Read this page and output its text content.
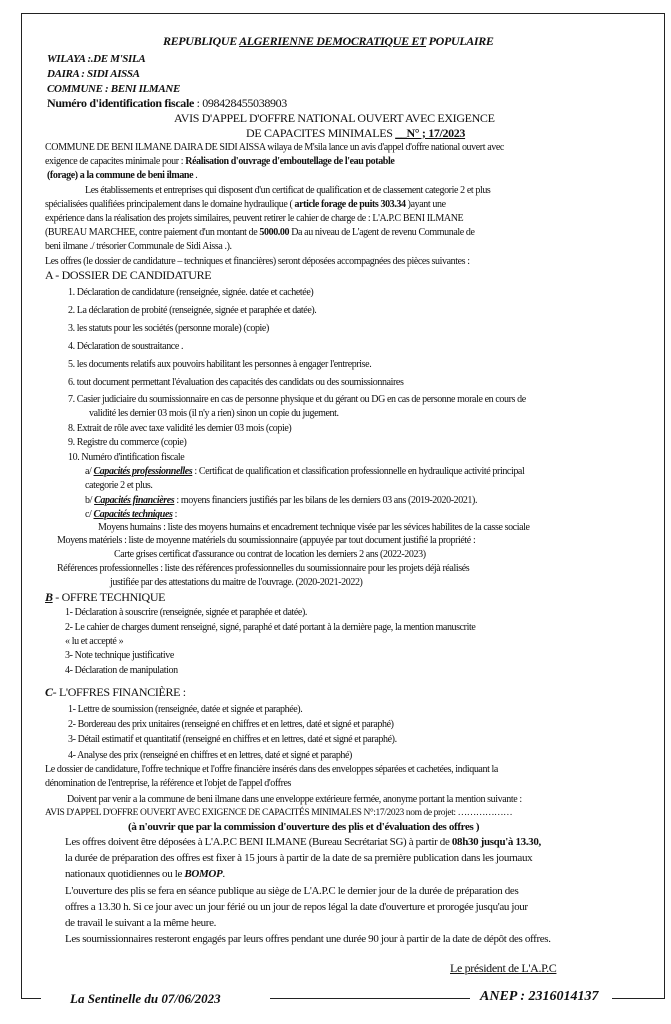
REPUBLIQUE ALGERIENNE DEMOCRATIQUE ET POPULAIRE
WILAYA :.DE M'SILA
DAIRA : SIDI AISSA
COMMUNE : BENI ILMANE
Numéro d'identification fiscale : 098428455038903
AVIS D'APPEL D'OFFRE NATIONAL OUVERT AVEC EXIGENCE
DE CAPACITES MINIMALES __N° ; 17/2023
COMMUNE DE BENI ILMANE DAIRA DE SIDI AISSA wilaya de M'sila lance un avis d'appel d'offre national ouvert avec
exigence de capacites minimale pour : Réalisation d'ouvrage d'emboutellage de l'eau potable
(forage) a la commune de beni ilmane .
Les établissements et entreprises qui disposent d'un certificat de qualification et de classement categorie 2 et plus
spécialisées qualifiées principalement dans le domaine hydraulique ( article forage de puits 303.34 )ayant une
expérience dans la réalisation des projets similaires, peuvent retirer le cahier de charge de : L'A.P.C BENI ILMANE
(BUREAU MARCHEE, contre paiement d'un montant de 5000.00 Da au niveau de L'agent de revenu Communale de
beni ilmane ./ trésorier Communale de Sidi Aissa .).
Les offres (le dossier de candidature – techniques et financières) seront déposées accompagnées des pièces suivantes :
A - DOSSIER DE CANDIDATURE
1. Déclaration de candidature (renseignée, signée. datée et cachetée)
2. La déclaration de probité (renseignée, signée et paraphée et datée).
3. les statuts pour les sociétés (personne morale) (copie)
4. Déclaration de soustraitance .
5. les documents relatifs aux pouvoirs habilitant les personnes à engager l'entreprise.
6. tout document permettant l'évaluation des capacités des candidats ou des soumissionnaires
7. Casier judiciaire du soumissionnaire en cas de personne physique et du gérant ou DG en cas de personne morale en cours de
validité les dernier 03 mois (il n'y a rien) sinon un copie du jugement.
8. Extrait de rôle avec taxe validité les dernier 03 mois (copie)
9. Registre du commerce (copie)
10. Numéro d'intification fiscale
a/ Capacités professionnelles : Certificat de qualification et classification professionnelle en hydraulique activité principal
categorie 2 et plus.
b/ Capacités financières : moyens financiers justifiés par les bilans de les derniers 03 ans (2019-2020-2021).
c/ Capacités techniques :
Moyens humains : liste des moyens humains et encadrement technique visée par les sévices habilites de la casse sociale
Moyens matériels : liste de moyenne matériels du soumissionnaire (appuyée par tout document justifié la propriété :
Carte grises certificat d'assurance ou contrat de location les derniers 2 ans (2022-2023)
Références professionnelles : liste des références professionnelles du soumissionnaire pour les projets déjà réalisés
justifiée par des attestations du maitre de l'ouvrage. (2020-2021-2022)
B - OFFRE TECHNIQUE
1- Déclaration à souscrire (renseignée, signée et paraphée et datée).
2- Le cahier de charges dument renseigné, signé, paraphé et daté portant à la dernière page, la mention manuscrite
« lu et accepté »
3- Note technique justificative
4- Déclaration de manipulation
C- L'OFFRES FINANCIÈRE :
1- Lettre de soumission (renseignée, datée et signée et paraphée).
2- Bordereau des prix unitaires (renseigné en chiffres et en lettres, daté et signé et paraphé)
3- Détail estimatif et quantitatif (renseigné en chiffres et en lettres, daté et signé et paraphé).
4- Analyse des prix (renseigné en chiffres et en lettres, daté et signé et paraphé)
Le dossier de candidature, l'offre technique et l'offre financière insérés dans des enveloppes séparées et cachetées, indiquant la
dénomination de l'entreprise, la référence et l'objet de l'appel d'offres
Doivent par venir a la commune de beni ilmane dans une enveloppe extérieure fermée, anonyme portant la mention suivante :
AVIS D'APPEL D'OFFRE OUVERT AVEC EXIGENCE DE CAPACITÉS MINIMALES N°:17/2023 nom de projet: ………………
(à n'ouvrir que par la commission d'ouverture des plis et d'évaluation des offres )
Les offres doivent être déposées à L'A.P.C BENI ILMANE (Bureau Secrétariat SG) à partir de 08h30 jusqu'à 13.30,
la durée de préparation des offres est fixer à 15 jours à partir de la date de sa première publication dans les journaux
nationaux quotidiennes ou le BOMOP.
L'ouverture des plis se fera en séance publique au siège de L'A.P.C le dernier jour de la durée de préparation des
offres a 13.30 h. Si ce jour avec un jour férié ou un jour de repos légal la date d'ouverture et prorogée jusqu'au jour
de travail le suivant a la même heure.
Les soumissionnaires resteront engagés par leurs offres pendant une durée 90 jour à partir de la date de dépôt des offres.
Le président de L'A.P.C
La Sentinelle du 07/06/2023	ANEP : 2316014137
